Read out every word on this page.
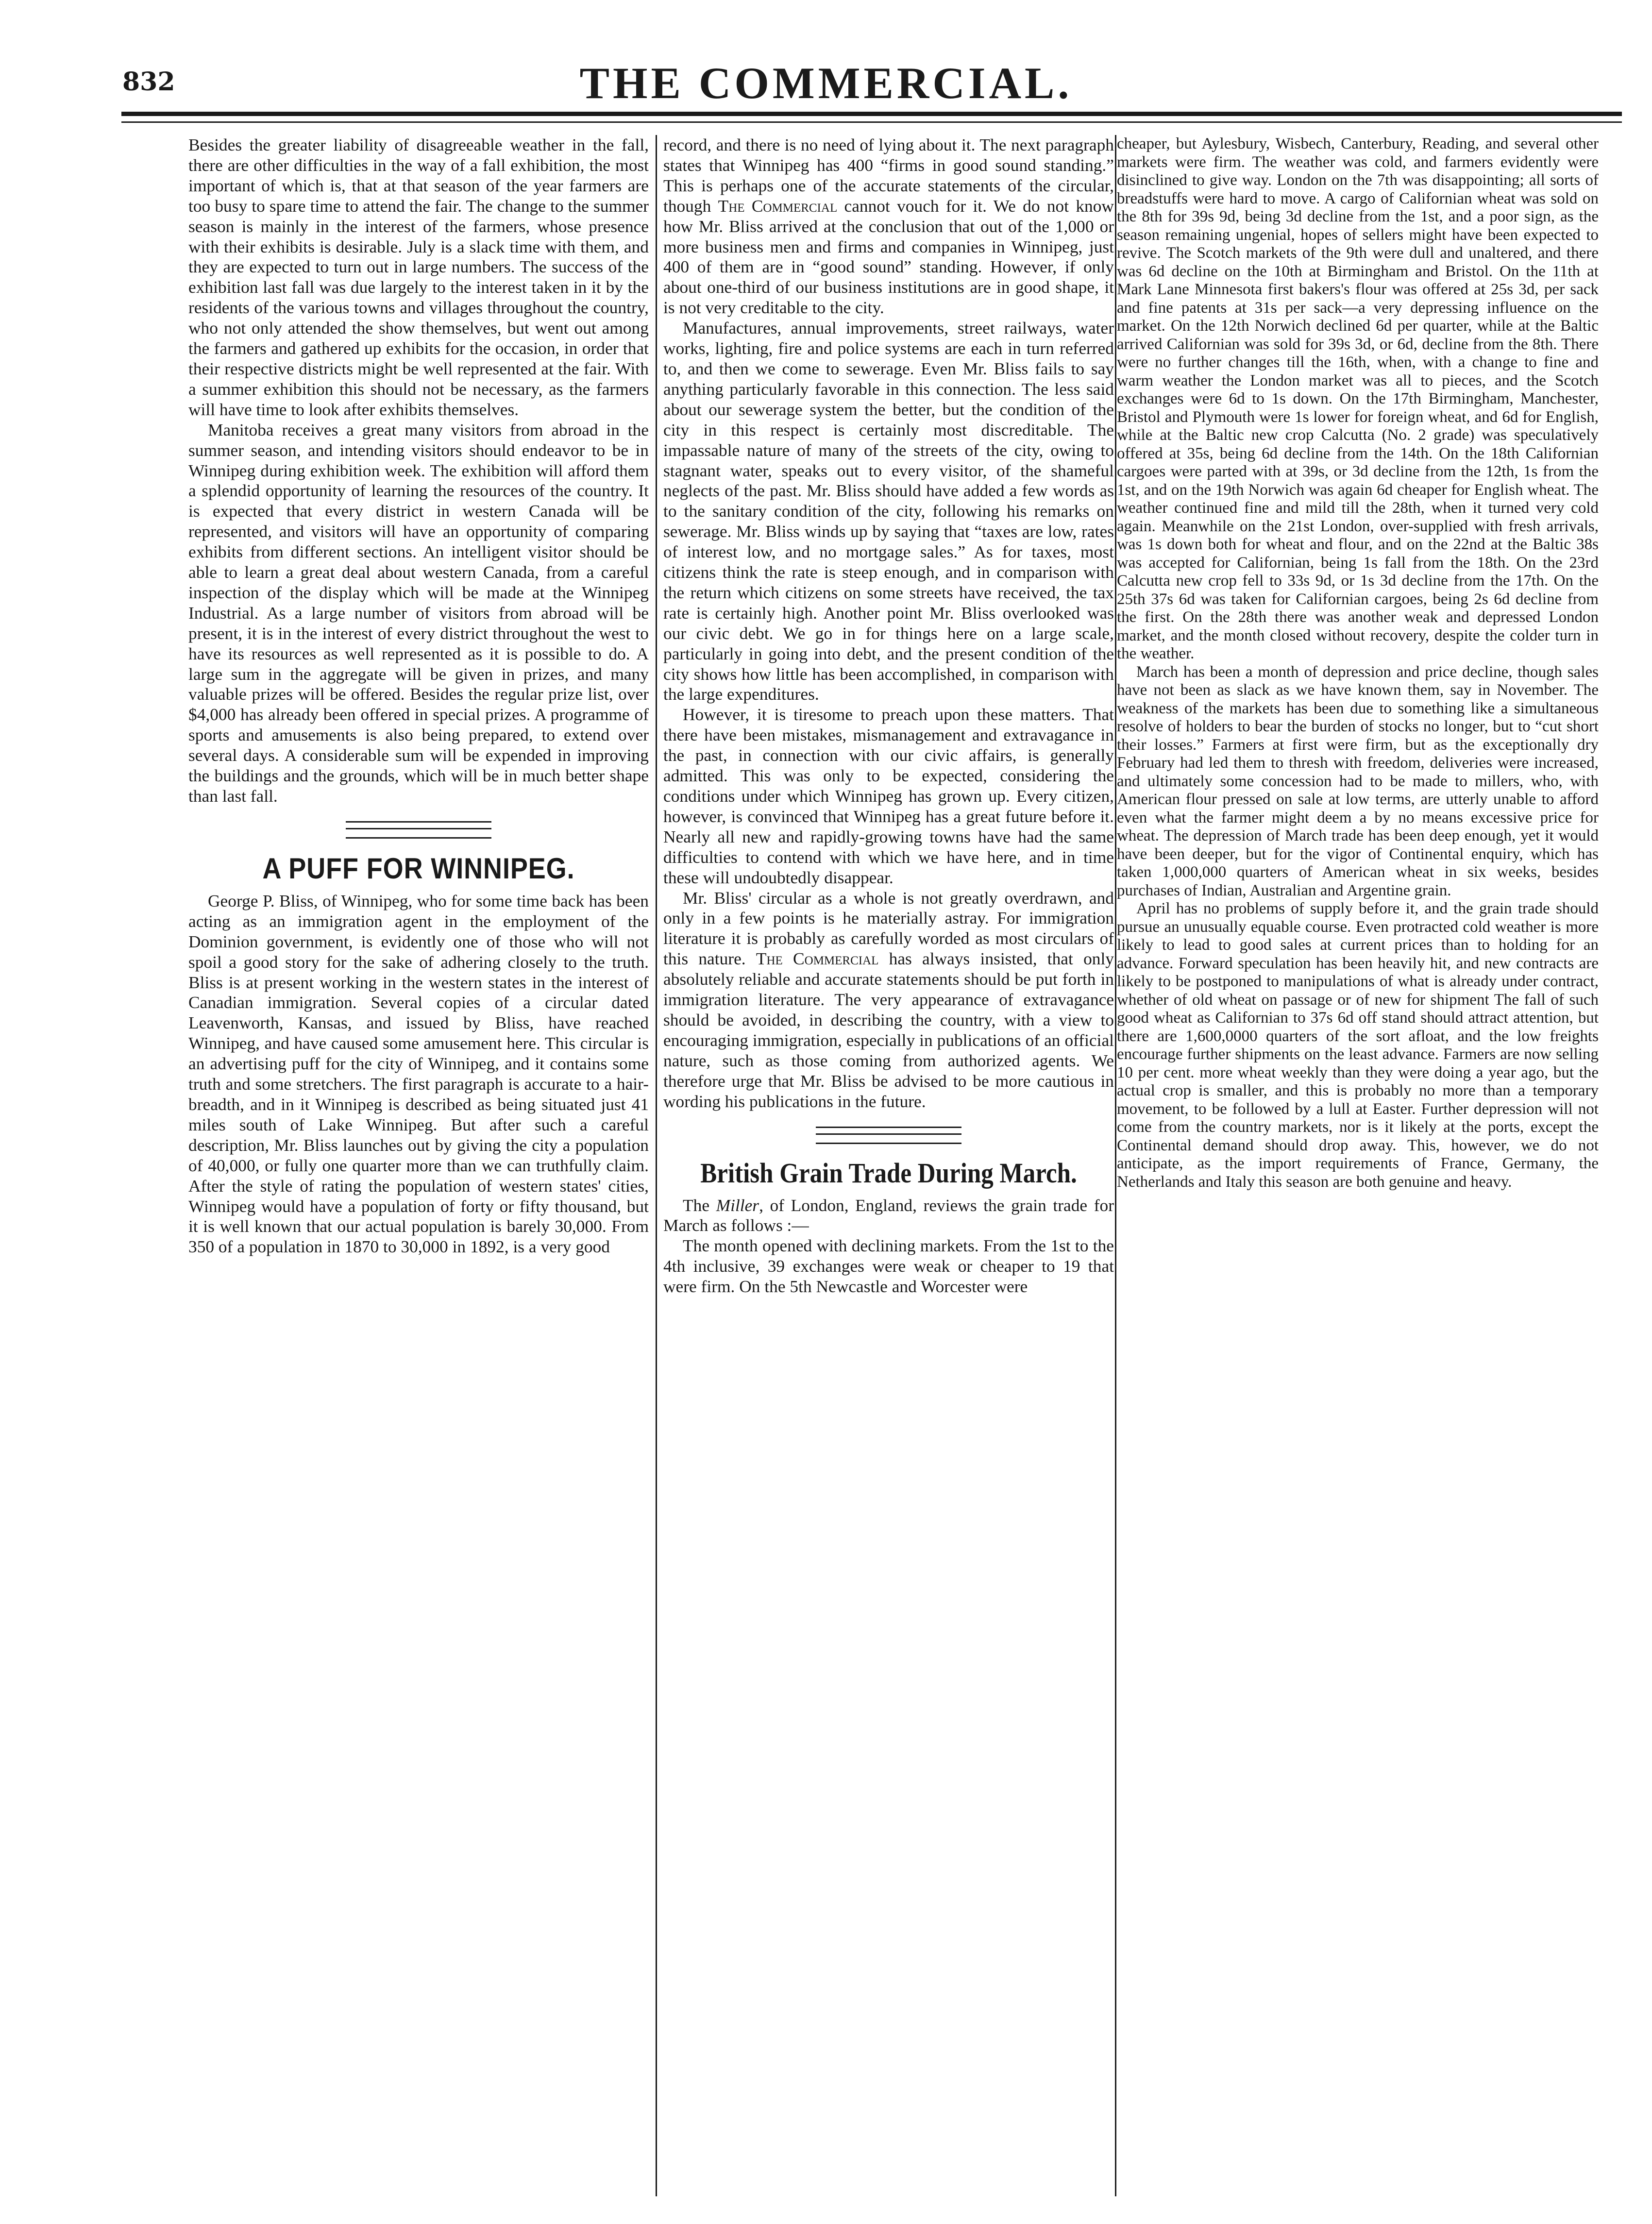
832	THE COMMERCIAL.

Besides the greater liability of disagreeable weather in the fall, there are other difficulties in the way of a fall exhibition, the most important of which is, that at that season of the year farmers are too busy to spare time to attend the fair. The change to the summer season is mainly in the interest of the farmers, whose presence with their exhibits is desirable. July is a slack time with them, and they are expected to turn out in large numbers. The success of the exhibition last fall was due largely to the interest taken in it by the residents of the various towns and villages throughout the country, who not only attended the show themselves, but went out among the farmers and gathered up exhibits for the occasion, in order that their respective districts might be well represented at the fair. With a summer exhibition this should not be necessary, as the farmers will have time to look after exhibits themselves.

Manitoba receives a great many visitors from abroad in the summer season, and intending visitors should endeavor to be in Winnipeg during exhibition week. The exhibition will afford them a splendid opportunity of learning the resources of the country. It is expected that every district in western Canada will be represented, and visitors will have an opportunity of comparing exhibits from different sections. An intelligent visitor should be able to learn a great deal about western Canada, from a careful inspection of the display which will be made at the Winnipeg Industrial. As a large number of visitors from abroad will be present, it is in the interest of every district throughout the west to have its resources as well represented as it is possible to do. A large sum in the aggregate will be given in prizes, and many valuable prizes will be offered. Besides the regular prize list, over $4,000 has already been offered in special prizes. A programme of sports and amusements is also being prepared, to extend over several days. A considerable sum will be expended in improving the buildings and the grounds, which will be in much better shape than last fall.

A PUFF FOR WINNIPEG.

George P. Bliss, of Winnipeg, who for some time back has been acting as an immigration agent in the employment of the Dominion government, is evidently one of those who will not spoil a good story for the sake of adhering closely to the truth. Bliss is at present working in the western states in the interest of Canadian immigration. Several copies of a circular dated Leavenworth, Kansas, and issued by Bliss, have reached Winnipeg, and have caused some amusement here. This circular is an advertising puff for the city of Winnipeg, and it contains some truth and some stretchers. The first paragraph is accurate to a hair-breadth, and in it Winnipeg is described as being situated just 41 miles south of Lake Winnipeg. But after such a careful description, Mr. Bliss launches out by giving the city a population of 40,000, or fully one quarter more than we can truthfully claim. After the style of rating the population of western states' cities, Winnipeg would have a population of forty or fifty thousand, but it is well known that our actual population is barely 30,000. From 350 of a population in 1870 to 30,000 in 1892, is a very good

record, and there is no need of lying about it. The next paragraph states that Winnipeg has 400 “firms in good sound standing.” This is perhaps one of the accurate statements of the circular, though The Commercial cannot vouch for it. We do not know how Mr. Bliss arrived at the conclusion that out of the 1,000 or more business men and firms and companies in Winnipeg, just 400 of them are in “good sound” standing. However, if only about one-third of our business institutions are in good shape, it is not very creditable to the city.

Manufactures, annual improvements, street railways, water works, lighting, fire and police systems are each in turn referred to, and then we come to sewerage. Even Mr. Bliss fails to say anything particularly favorable in this connection. The less said about our sewerage system the better, but the condition of the city in this respect is certainly most discreditable. The impassable nature of many of the streets of the city, owing to stagnant water, speaks out to every visitor, of the shameful neglects of the past. Mr. Bliss should have added a few words as to the sanitary condition of the city, following his remarks on sewerage. Mr. Bliss winds up by saying that “taxes are low, rates of interest low, and no mortgage sales.” As for taxes, most citizens think the rate is steep enough, and in comparison with the return which citizens on some streets have received, the tax rate is certainly high. Another point Mr. Bliss overlooked was our civic debt. We go in for things here on a large scale, particularly in going into debt, and the present condition of the city shows how little has been accomplished, in comparison with the large expenditures.

However, it is tiresome to preach upon these matters. That there have been mistakes, mismanagement and extravagance in the past, in connection with our civic affairs, is generally admitted. This was only to be expected, considering the conditions under which Winnipeg has grown up. Every citizen, however, is convinced that Winnipeg has a great future before it. Nearly all new and rapidly-growing towns have had the same difficulties to contend with which we have here, and in time these will undoubtedly disappear.

Mr. Bliss' circular as a whole is not greatly overdrawn, and only in a few points is he materially astray. For immigration literature it is probably as carefully worded as most circulars of this nature. The Commercial has always insisted, that only absolutely reliable and accurate statements should be put forth in immigration literature. The very appearance of extravagance should be avoided, in describing the country, with a view to encouraging immigration, especially in publications of an official nature, such as those coming from authorized agents. We therefore urge that Mr. Bliss be advised to be more cautious in wording his publications in the future.

British Grain Trade During March.

The Miller, of London, England, reviews the grain trade for March as follows :—

The month opened with declining markets. From the 1st to the 4th inclusive, 39 exchanges were weak or cheaper to 19 that were firm. On the 5th Newcastle and Worcester were

cheaper, but Aylesbury, Wisbech, Canterbury, Reading, and several other markets were firm. The weather was cold, and farmers evidently were disinclined to give way. London on the 7th was disappointing; all sorts of breadstuffs were hard to move. A cargo of Californian wheat was sold on the 8th for 39s 9d, being 3d decline from the 1st, and a poor sign, as the season remaining ungenial, hopes of sellers might have been expected to revive. The Scotch markets of the 9th were dull and unaltered, and there was 6d decline on the 10th at Birmingham and Bristol. On the 11th at Mark Lane Minnesota first bakers's flour was offered at 25s 3d, per sack and fine patents at 31s per sack—a very depressing influence on the market. On the 12th Norwich declined 6d per quarter, while at the Baltic arrived Californian was sold for 39s 3d, or 6d, decline from the 8th. There were no further changes till the 16th, when, with a change to fine and warm weather the London market was all to pieces, and the Scotch exchanges were 6d to 1s down. On the 17th Birmingham, Manchester, Bristol and Plymouth were 1s lower for foreign wheat, and 6d for English, while at the Baltic new crop Calcutta (No. 2 grade) was speculatively offered at 35s, being 6d decline from the 14th. On the 18th Californian cargoes were parted with at 39s, or 3d decline from the 12th, 1s from the 1st, and on the 19th Norwich was again 6d cheaper for English wheat. The weather continued fine and mild till the 28th, when it turned very cold again. Meanwhile on the 21st London, over-supplied with fresh arrivals, was 1s down both for wheat and flour, and on the 22nd at the Baltic 38s was accepted for Californian, being 1s fall from the 18th. On the 23rd Calcutta new crop fell to 33s 9d, or 1s 3d decline from the 17th. On the 25th 37s 6d was taken for Californian cargoes, being 2s 6d decline from the first. On the 28th there was another weak and depressed London market, and the month closed without recovery, despite the colder turn in the weather.

March has been a month of depression and price decline, though sales have not been as slack as we have known them, say in November. The weakness of the markets has been due to something like a simultaneous resolve of holders to bear the burden of stocks no longer, but to “cut short their losses.” Farmers at first were firm, but as the exceptionally dry February had led them to thresh with freedom, deliveries were increased, and ultimately some concession had to be made to millers, who, with American flour pressed on sale at low terms, are utterly unable to afford even what the farmer might deem a by no means excessive price for wheat. The depression of March trade has been deep enough, yet it would have been deeper, but for the vigor of Continental enquiry, which has taken 1,000,000 quarters of American wheat in six weeks, besides purchases of Indian, Australian and Argentine grain.

April has no problems of supply before it, and the grain trade should pursue an unusually equable course. Even protracted cold weather is more likely to lead to good sales at current prices than to holding for an advance. Forward speculation has been heavily hit, and new contracts are likely to be postponed to manipulations of what is already under contract, whether of old wheat on passage or of new for shipment The fall of such good wheat as Californian to 37s 6d off stand should attract attention, but there are 1,600,0000 quarters of the sort afloat, and the low freights encourage further shipments on the least advance. Farmers are now selling 10 per cent. more wheat weekly than they were doing a year ago, but the actual crop is smaller, and this is probably no more than a temporary movement, to be followed by a lull at Easter. Further depression will not come from the country markets, nor is it likely at the ports, except the Continental demand should drop away. This, however, we do not anticipate, as the import requirements of France, Germany, the Netherlands and Italy this season are both genuine and heavy.
